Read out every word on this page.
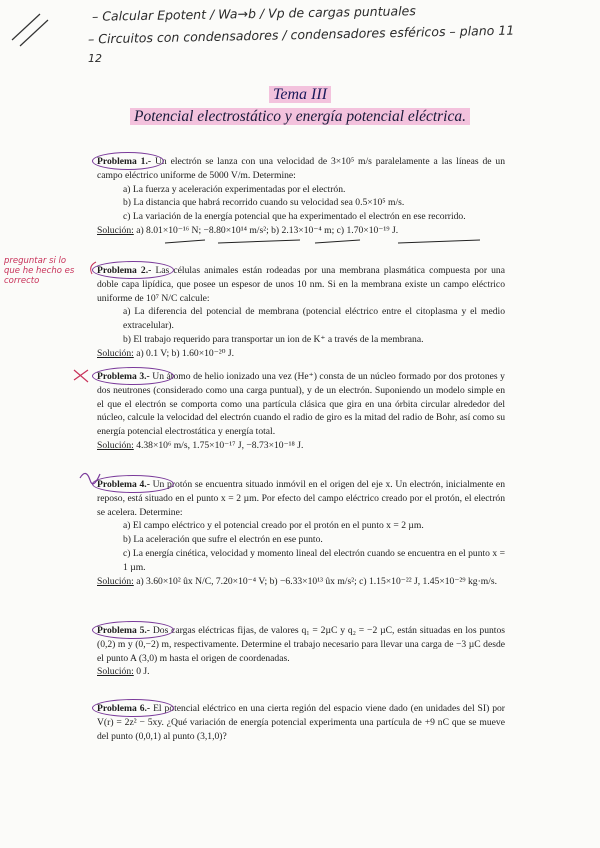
– Calcular Epotent / Wa→b / Vp de cargas puntuales
– Circuitos con condensadores / condensadores esféricos – plano 11
12
Tema III
Potencial electrostático y energía potencial eléctrica.
preguntar si lo que he hecho es correcto
Problema 1.- Un electrón se lanza con una velocidad de 3×10⁵ m/s paralelamente a las líneas de un campo eléctrico uniforme de 5000 V/m. Determine:
a) La fuerza y aceleración experimentadas por el electrón.
b) La distancia que habrá recorrido cuando su velocidad sea 0.5×10⁵ m/s.
c) La variación de la energía potencial que ha experimentado el electrón en ese recorrido.
Solución: a) 8.01×10⁻¹⁶ N; −8.80×10¹⁴ m/s²; b) 2.13×10⁻⁴ m; c) 1.70×10⁻¹⁹ J.
Problema 2.- Las células animales están rodeadas por una membrana plasmática compuesta por una doble capa lipídica, que posee un espesor de unos 10 nm. Si en la membrana existe un campo eléctrico uniforme de 10⁷ N/C calcule:
a) La diferencia del potencial de membrana (potencial eléctrico entre el citoplasma y el medio extracelular).
b) El trabajo requerido para transportar un ion de K⁺ a través de la membrana.
Solución: a) 0.1 V; b) 1.60×10⁻²⁰ J.
Problema 3.- Un átomo de helio ionizado una vez (He⁺) consta de un núcleo formado por dos protones y dos neutrones (considerado como una carga puntual), y de un electrón. Suponiendo un modelo simple en el que el electrón se comporta como una partícula clásica que gira en una órbita circular alrededor del núcleo, calcule la velocidad del electrón cuando el radio de giro es la mitad del radio de Bohr, así como su energía potencial electrostática y energía total.
Solución: 4.38×10⁶ m/s, 1.75×10⁻¹⁷ J, −8.73×10⁻¹⁸ J.
Problema 4.- Un protón se encuentra situado inmóvil en el origen del eje x. Un electrón, inicialmente en reposo, está situado en el punto x = 2 µm. Por efecto del campo eléctrico creado por el protón, el electrón se acelera. Determine:
a) El campo eléctrico y el potencial creado por el protón en el punto x = 2 µm.
b) La aceleración que sufre el electrón en ese punto.
c) La energía cinética, velocidad y momento lineal del electrón cuando se encuentra en el punto x = 1 µm.
Solución: a) 3.60×10² ûx N/C, 7.20×10⁻⁴ V; b) −6.33×10¹³ ûx m/s²; c) 1.15×10⁻²² J, 1.45×10⁻²⁹ kg·m/s.
Problema 5.- Dos cargas eléctricas fijas, de valores q₁ = 2µC y q₂ = −2 µC, están situadas en los puntos (0,2) m y (0,−2) m, respectivamente. Determine el trabajo necesario para llevar una carga de −3 µC desde el punto A (3,0) m hasta el origen de coordenadas.
Solución: 0 J.
Problema 6.- El potencial eléctrico en una cierta región del espacio viene dado (en unidades del SI) por V(r) = 2z² − 5xy. ¿Qué variación de energía potencial experimenta una partícula de +9 nC que se mueve del punto (0,0,1) al punto (3,1,0)?
